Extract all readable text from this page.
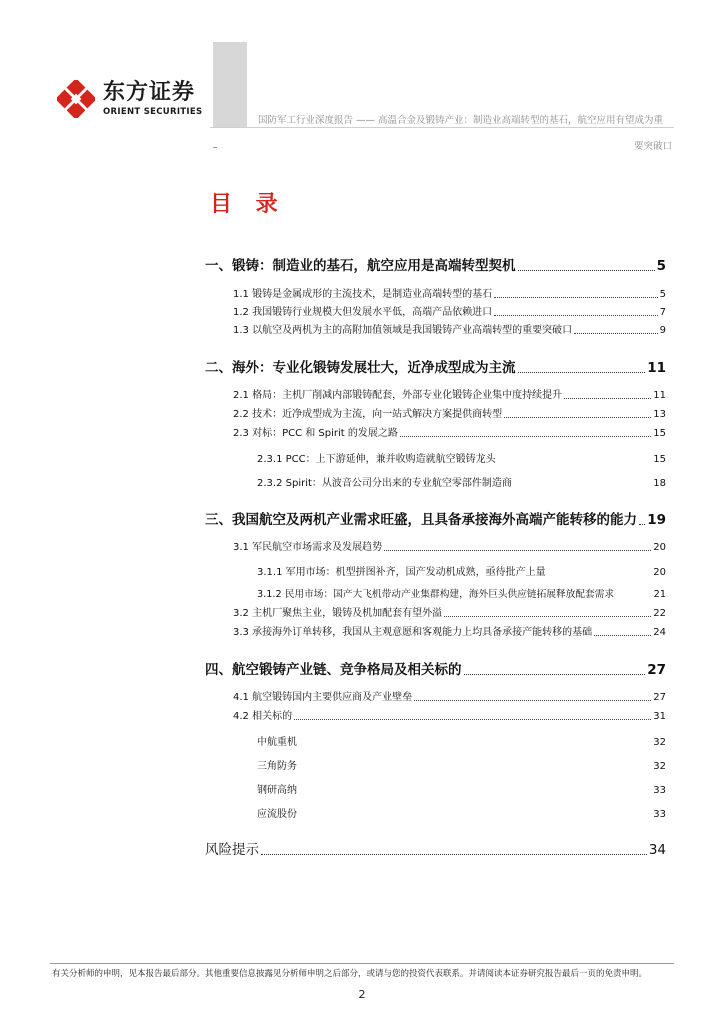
东方证券
ORIENT SECURITIES
国防军工行业深度报告 —— 高温合金及锻铸产业：制造业高端转型的基石，航空应用有望成为重
要突破口
目 录
一、锻铸：制造业的基石，航空应用是高端转型契机	5
1.1 锻铸是金属成形的主流技术，是制造业高端转型的基石	5
1.2 我国锻铸行业规模大但发展水平低，高端产品依赖进口	7
1.3 以航空及两机为主的高附加值领域是我国锻铸产业高端转型的重要突破口	9
二、海外：专业化锻铸发展壮大，近净成型成为主流	11
2.1 格局：主机厂削减内部锻铸配套，外部专业化锻铸企业集中度持续提升	11
2.2 技术：近净成型成为主流，向一站式解决方案提供商转型	13
2.3 对标：PCC 和 Spirit 的发展之路	15
2.3.1 PCC：上下游延伸，兼并收购造就航空锻铸龙头	15
2.3.2 Spirit：从波音公司分出来的专业航空零部件制造商	18
三、我国航空及两机产业需求旺盛，且具备承接海外高端产能转移的能力 19
3.1 军民航空市场需求及发展趋势	20
3.1.1 军用市场：机型拼图补齐，国产发动机成熟，亟待批产上量	20
3.1.2 民用市场：国产大飞机带动产业集群构建，海外巨头供应链拓展释放配套需求	21
3.2 主机厂聚焦主业，锻铸及机加配套有望外溢	22
3.3 承接海外订单转移，我国从主观意愿和客观能力上均具备承接产能转移的基础	24
四、航空锻铸产业链、竞争格局及相关标的	27
4.1 航空锻铸国内主要供应商及产业壁垒	27
4.2 相关标的	31
中航重机	32
三角防务	32
钢研高纳	33
应流股份	33
风险提示	34
有关分析师的申明，见本报告最后部分。其他重要信息披露见分析师申明之后部分，或请与您的投资代表联系。并请阅读本证券研究报告最后一页的免责申明。
2
